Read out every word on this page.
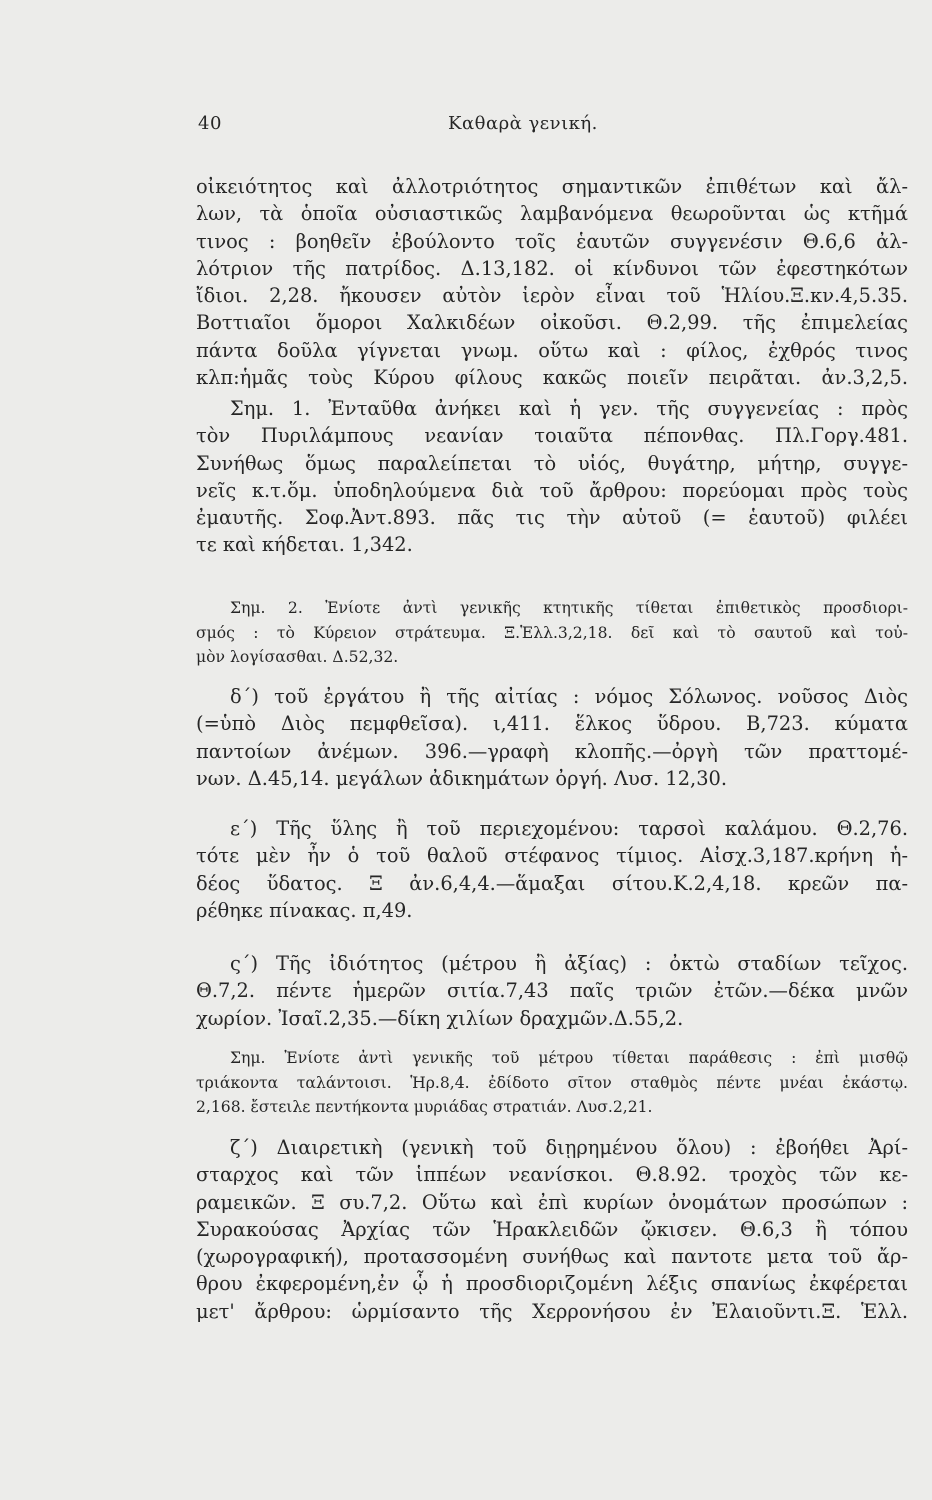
40	Καθαρὰ γενική.
οἰκειότητος καὶ ἀλλοτριότητος σημαντικῶν ἐπιθέτων καὶ ἄλ-
λων, τὰ ὁποῖα οὐσιαστικῶς λαμβανόμενα θεωροῦνται ὡς κτῆμά
τινος : βοηθεῖν ἐβούλοντο τοῖς ἑαυτῶν συγγενέσιν Θ.6,6 ἀλ-
λότριον τῆς πατρίδος. Δ.13,182. οἱ κίνδυνοι τῶν ἐφεστηκότων
ἴδιοι. 2,28. ἤκουσεν αὐτὸν ἱερὸν εἶναι τοῦ Ἡλίου.Ξ.κν.4,5.35.
Βοττιαῖοι ὅμοροι Χαλκιδέων οἰκοῦσι. Θ.2,99. τῆς ἐπιμελείας
πάντα δοῦλα γίγνεται γνωμ. οὕτω καὶ : φίλος, ἐχθρός τινος
κλπ:ἡμᾶς τοὺς Κύρου φίλους κακῶς ποιεῖν πειρᾶται. ἀν.3,2,5.
Σημ. 1. Ἐνταῦθα ἀνήκει καὶ ἡ γεν. τῆς συγγενείας : πρὸς
τὸν Πυριλάμπους νεανίαν τοιαῦτα πέπονθας. Πλ.Γοργ.481.
Συνήθως ὅμως παραλείπεται τὸ υἱός, θυγάτηρ, μήτηρ, συγγε-
νεῖς κ.τ.ὅμ. ὑποδηλούμενα διὰ τοῦ ἄρθρου: πορεύομαι πρὸς τοὺς
ἐμαυτῆς. Σοφ.Ἀντ.893. πᾶς τις τὴν αὑτοῦ (= ἑαυτοῦ) φιλέει
τε καὶ κήδεται. 1,342.
Σημ. 2. Ἐνίοτε ἀντὶ γενικῆς κτητικῆς τίθεται ἐπιθετικὸς προσδιορι-
σμός : τὸ Κύρειον στράτευμα. Ξ.Ἑλλ.3,2,18. δεῖ καὶ τὸ σαυτοῦ καὶ τοὐ-
μὸν λογίσασθαι. Δ.52,32.
δ΄) τοῦ ἐργάτου ἢ τῆς αἰτίας : νόμος Σόλωνος. νοῦσος Διὸς
(=ὑπὸ Διὸς πεμφθεῖσα). ι,411. ἕλκος ὕδρου. Β,723. κύματα
παντοίων ἀνέμων. 396.—γραφὴ κλοπῆς.—ὀργὴ τῶν πραττομέ-
νων. Δ.45,14. μεγάλων ἀδικημάτων ὀργή. Λυσ. 12,30.
ε΄) Τῆς ὕλης ἢ τοῦ περιεχομένου: ταρσοὶ καλάμου. Θ.2,76.
τότε μὲν ἦν ὁ τοῦ θαλοῦ στέφανος τίμιος. Αἰσχ.3,187.κρήνη ἡ-
δέος ὕδατος. Ξ ἀν.6,4,4.—ἅμαξαι σίτου.Κ.2,4,18. κρεῶν πα-
ρέθηκε πίνακας. π,49.
ς΄) Τῆς ἰδιότητος (μέτρου ἢ ἀξίας) : ὀκτὼ σταδίων τεῖχος.
Θ.7,2. πέντε ἡμερῶν σιτία.7,43 παῖς τριῶν ἐτῶν.—δέκα μνῶν
χωρίον. Ἰσαῖ.2,35.—δίκη χιλίων δραχμῶν.Δ.55,2.
Σημ. Ἐνίοτε ἀντὶ γενικῆς τοῦ μέτρου τίθεται παράθεσις : ἐπὶ μισθῷ
τριάκοντα ταλάντοισι. Ἡρ.8,4. ἐδίδοτο σῖτον σταθμὸς πέντε μνέαι ἑκάστῳ.
2,168. ἔστειλε πεντήκοντα μυριάδας στρατιάν. Λυσ.2,21.
ζ΄) Διαιρετικὴ (γενικὴ τοῦ διῃρημένου ὅλου) : ἐβοήθει Ἀρί-
σταρχος καὶ τῶν ἱππέων νεανίσκοι. Θ.8.92. τροχὸς τῶν κε-
ραμεικῶν. Ξ συ.7,2. Οὕτω καὶ ἐπὶ κυρίων ὀνομάτων προσώπων :
Συρακούσας Ἀρχίας τῶν Ἡρακλειδῶν ᾤκισεν. Θ.6,3 ἢ τόπου
(χωρογραφική), προτασσομένη συνήθως καὶ παντοτε μετα τοῦ ἄρ-
θρου ἐκφερομένη,ἐν ᾧ ἡ προσδιοριζομένη λέξις σπανίως ἐκφέρεται
μετ' ἄρθρου: ὡρμίσαντο τῆς Χερρονήσου ἐν Ἐλαιοῦντι.Ξ. Ἑλλ.
